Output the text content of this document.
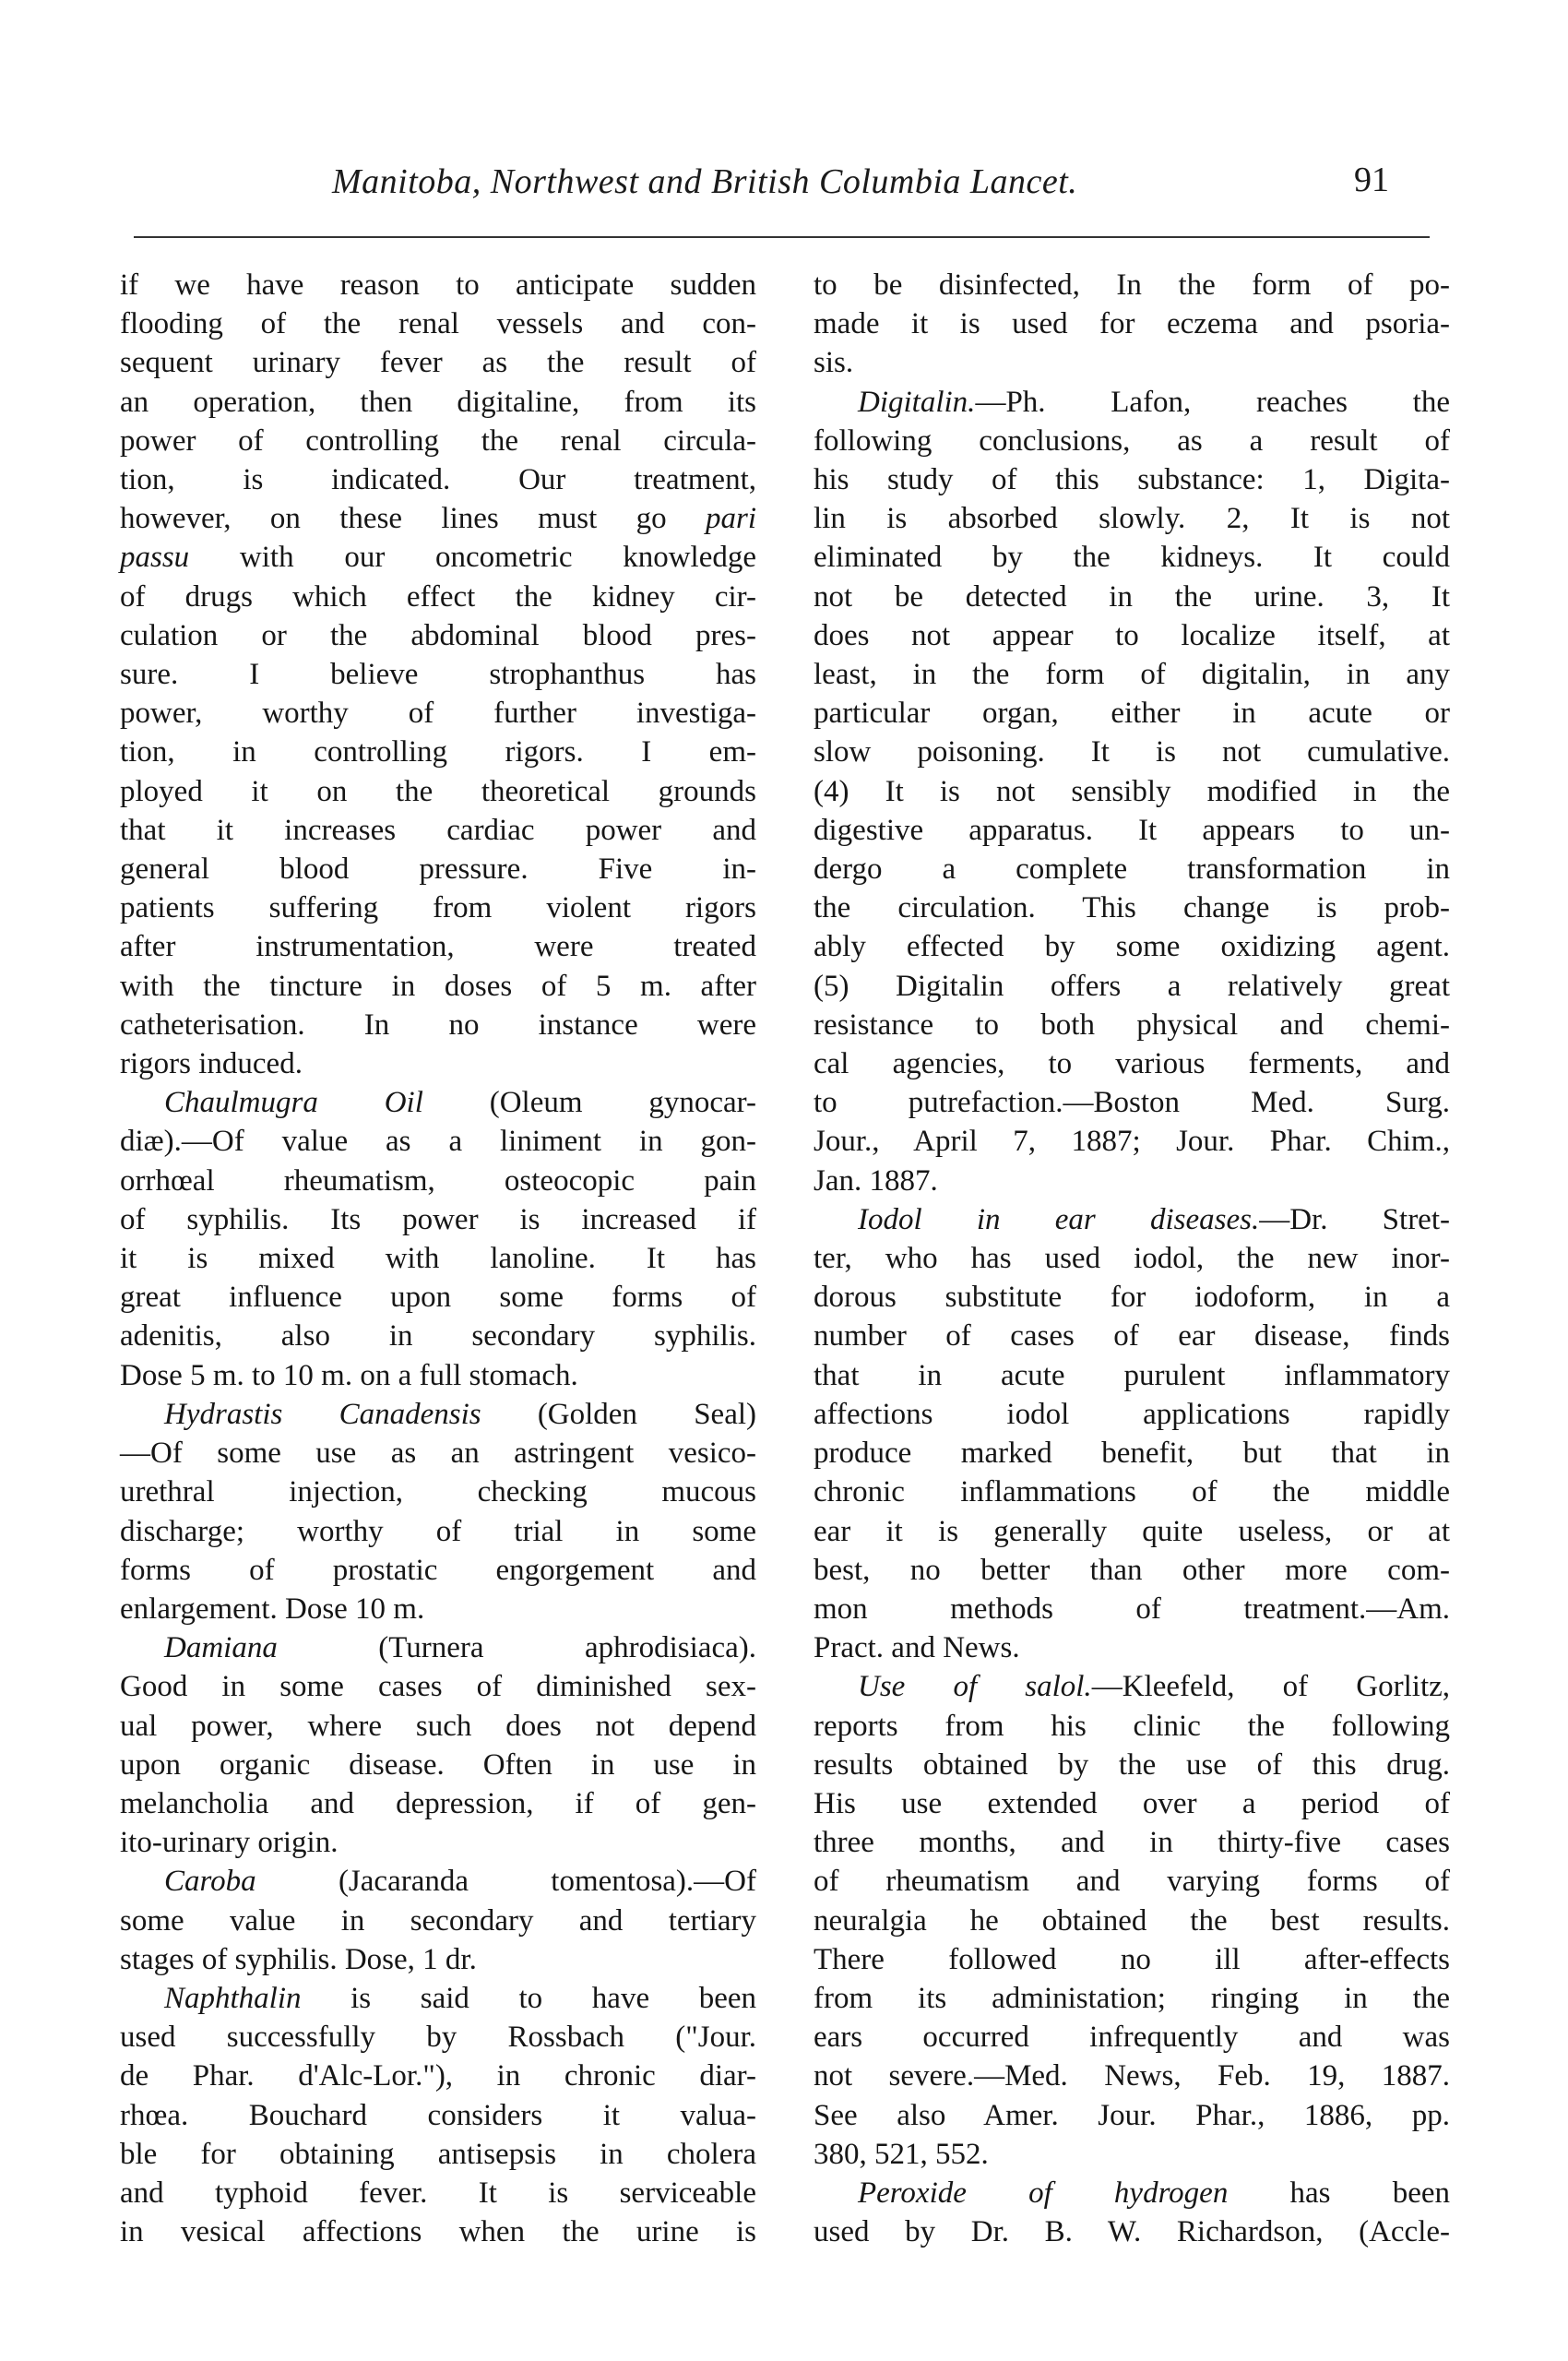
Manitoba, Northwest and British Columbia Lancet.	91
if we have reason to anticipate sudden
flooding of the renal vessels and con-
sequent urinary fever as the result of
an operation, then digitaline, from its
power of controlling the renal circula-
tion, is indicated. Our treatment,
however, on these lines must go pari
passu with our oncometric knowledge
of drugs which effect the kidney cir-
culation or the abdominal blood pres-
sure. I believe strophanthus has
power, worthy of further investiga-
tion, in controlling rigors. I em-
ployed it on the theoretical grounds
that it increases cardiac power and
general blood pressure. Five in-
patients suffering from violent rigors
after instrumentation, were treated
with the tincture in doses of 5 m. after
catheterisation. In no instance were
rigors induced.
Chaulmugra Oil (Oleum gynocar-
diæ).—Of value as a liniment in gon-
orrhœal rheumatism, osteocopic pain
of syphilis. Its power is increased if
it is mixed with lanoline. It has
great influence upon some forms of
adenitis, also in secondary syphilis.
Dose 5 m. to 10 m. on a full stomach.
Hydrastis Canadensis (Golden Seal)
—Of some use as an astringent vesico-
urethral injection, checking mucous
discharge; worthy of trial in some
forms of prostatic engorgement and
enlargement. Dose 10 m.
Damiana (Turnera aphrodisiaca).
Good in some cases of diminished sex-
ual power, where such does not depend
upon organic disease. Often in use in
melancholia and depression, if of gen-
ito-urinary origin.
Caroba (Jacaranda tomentosa).—Of
some value in secondary and tertiary
stages of syphilis. Dose, 1 dr.
Naphthalin is said to have been
used successfully by Rossbach ("Jour.
de Phar. d'Alc-Lor."), in chronic diar-
rhœa. Bouchard considers it valua-
ble for obtaining antisepsis in cholera
and typhoid fever. It is serviceable
in vesical affections when the urine is
to be disinfected, In the form of po-
made it is used for eczema and psoria-
sis.
Digitalin.—Ph. Lafon, reaches the
following conclusions, as a result of
his study of this substance: 1, Digita-
lin is absorbed slowly. 2, It is not
eliminated by the kidneys. It could
not be detected in the urine. 3, It
does not appear to localize itself, at
least, in the form of digitalin, in any
particular organ, either in acute or
slow poisoning. It is not cumulative.
(4) It is not sensibly modified in the
digestive apparatus. It appears to un-
dergo a complete transformation in
the circulation. This change is prob-
ably effected by some oxidizing agent.
(5) Digitalin offers a relatively great
resistance to both physical and chemi-
cal agencies, to various ferments, and
to putrefaction.—Boston Med. Surg.
Jour., April 7, 1887; Jour. Phar. Chim.,
Jan. 1887.
Iodol in ear diseases.—Dr. Stret-
ter, who has used iodol, the new inor-
dorous substitute for iodoform, in a
number of cases of ear disease, finds
that in acute purulent inflammatory
affections iodol applications rapidly
produce marked benefit, but that in
chronic inflammations of the middle
ear it is generally quite useless, or at
best, no better than other more com-
mon methods of treatment.—Am.
Pract. and News.
Use of salol.—Kleefeld, of Gorlitz,
reports from his clinic the following
results obtained by the use of this drug.
His use extended over a period of
three months, and in thirty-five cases
of rheumatism and varying forms of
neuralgia he obtained the best results.
There followed no ill after-effects
from its administation; ringing in the
ears occurred infrequently and was
not severe.—Med. News, Feb. 19, 1887.
See also Amer. Jour. Phar., 1886, pp.
380, 521, 552.
Peroxide of hydrogen has been
used by Dr. B. W. Richardson, (Accle-
